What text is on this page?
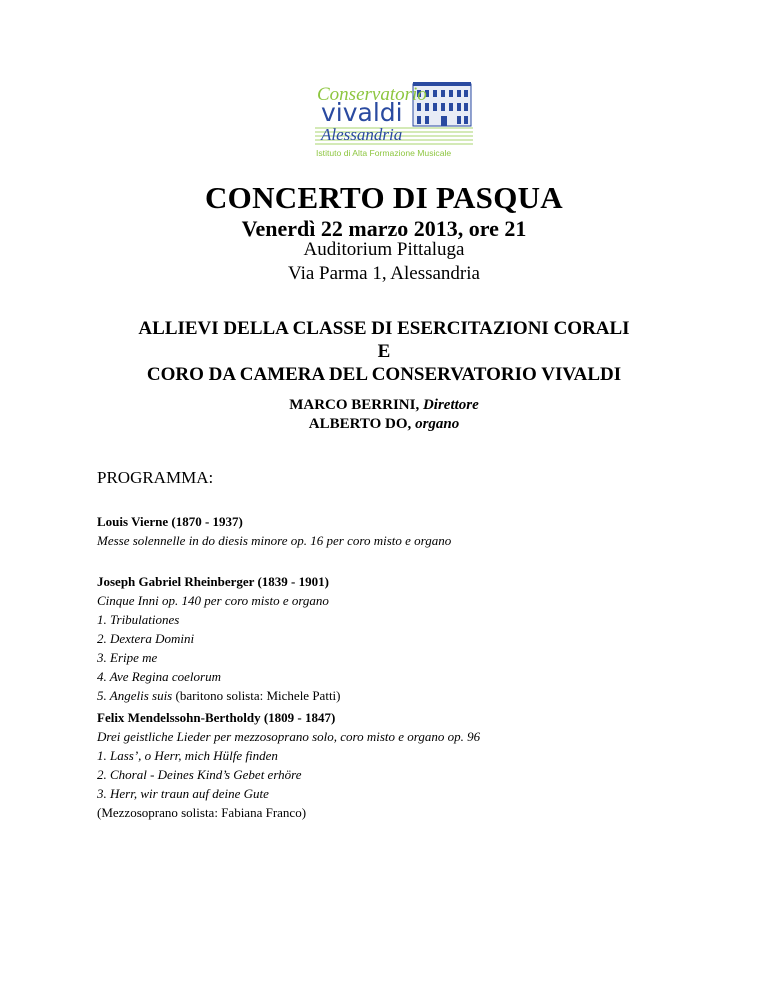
Conservatorio
vivaldi
Alessandria
Istituto di Alta Formazione Musicale
CONCERTO DI PASQUA
Venerdì 22 marzo 2013, ore 21
Auditorium Pittaluga
Via Parma 1, Alessandria
ALLIEVI DELLA CLASSE DI ESERCITAZIONI CORALI
E
CORO DA CAMERA DEL CONSERVATORIO VIVALDI
MARCO BERRINI, Direttore
ALBERTO DO, organo
PROGRAMMA:
Louis Vierne (1870 - 1937)
Messe solennelle in do diesis minore op. 16 per coro misto e organo
Joseph Gabriel Rheinberger (1839 - 1901)
Cinque Inni op. 140 per coro misto e organo
1. Tribulationes
2. Dextera Domini
3. Eripe me
4. Ave Regina coelorum
5. Angelis suis (baritono solista: Michele Patti)
Felix Mendelssohn-Bertholdy (1809 - 1847)
Drei geistliche Lieder per mezzosoprano solo, coro misto e organo op. 96
1. Lass’, o Herr, mich Hülfe finden
2. Choral - Deines Kind’s Gebet erhöre
3. Herr, wir traun auf deine Gute
(Mezzosoprano solista: Fabiana Franco)
